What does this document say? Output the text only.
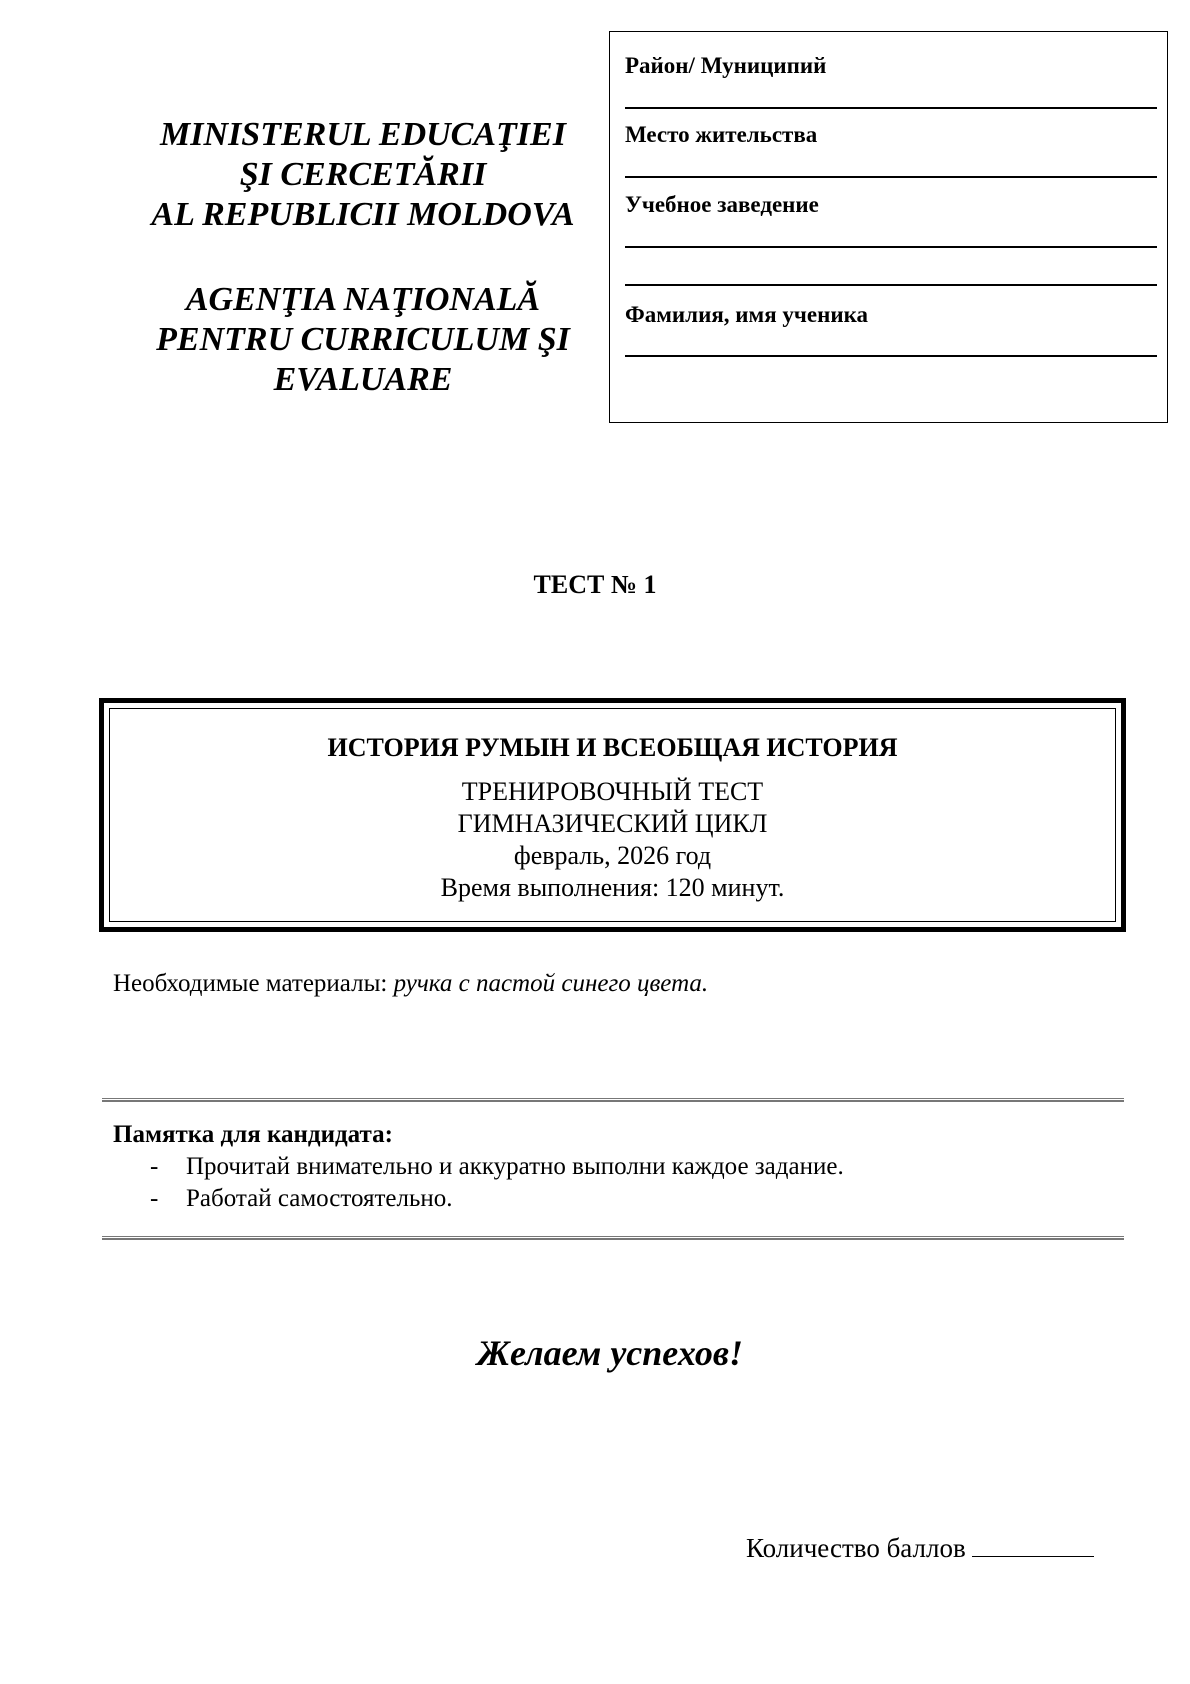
MINISTERUL EDUCAŢIEI
ŞI CERCETĂRII
AL REPUBLICII MOLDOVA
AGENŢIA NAŢIONALĂ
PENTRU CURRICULUM ŞI
EVALUARE
Район/ Муниципий
Место жительства
Учебное заведение
Фамилия, имя ученика
ТЕСТ № 1
ИСТОРИЯ РУМЫН И ВСЕОБЩАЯ ИСТОРИЯ
ТРЕНИРОВОЧНЫЙ ТЕСТ
ГИМНАЗИЧЕСКИЙ ЦИКЛ
февраль, 2026 год
Время выполнения: 120 минут.
Необходимые материалы: ручка с пастой синего цвета.
Памятка для кандидата:
- Прочитай внимательно и аккуратно выполни каждое задание.
- Работай самостоятельно.
Желаем успехов!
Количество баллов
